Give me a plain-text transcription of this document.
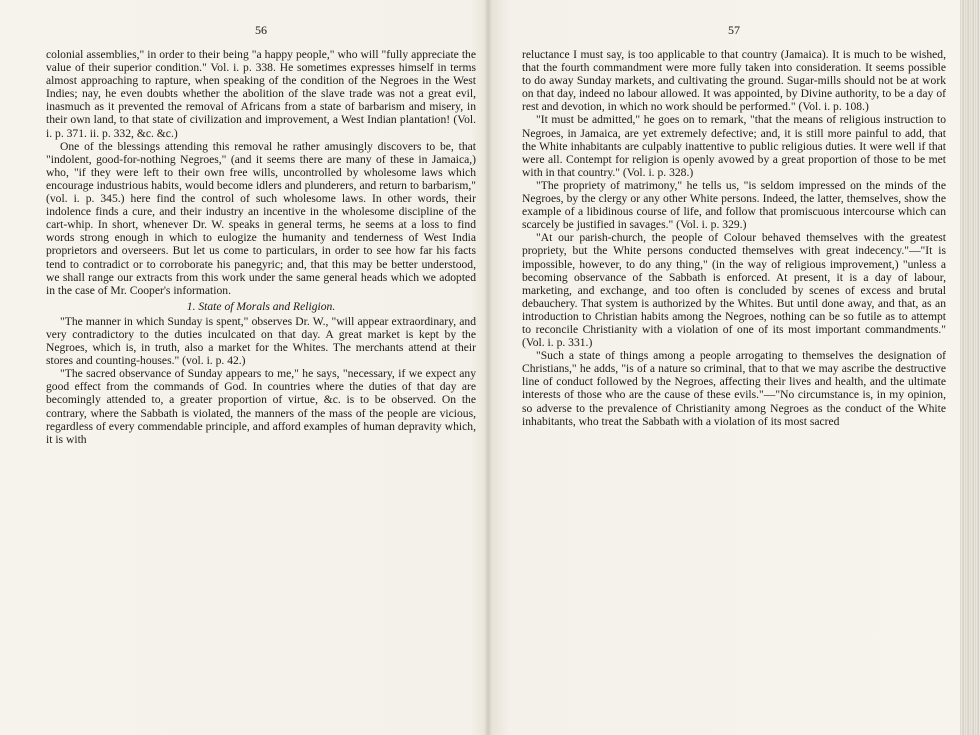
56

colonial assemblies," in order to their being "a happy people," who will "fully appreciate the value of their superior condition." Vol. i. p. 338. He sometimes expresses himself in terms almost approaching to rapture, when speaking of the condition of the Negroes in the West Indies; nay, he even doubts whether the abolition of the slave trade was not a great evil, inasmuch as it prevented the removal of Africans from a state of barbarism and misery, in their own land, to that state of civilization and improvement, a West Indian plantation! (Vol. i. p. 371. ii. p. 332, &c. &c.)

One of the blessings attending this removal he rather amusingly discovers to be, that "indolent, good-for-nothing Negroes," (and it seems there are many of these in Jamaica,) who, "if they were left to their own free wills, uncontrolled by wholesome laws which encourage industrious habits, would become idlers and plunderers, and return to barbarism," (vol. i. p. 345.) here find the control of such wholesome laws. In other words, their indolence finds a cure, and their industry an incentive in the wholesome discipline of the cart-whip. In short, whenever Dr. W. speaks in general terms, he seems at a loss to find words strong enough in which to eulogize the humanity and tenderness of West India proprietors and overseers. But let us come to particulars, in order to see how far his facts tend to contradict or to corroborate his panegyric; and, that this may be better understood, we shall range our extracts from this work under the same general heads which we adopted in the case of Mr. Cooper's information.

1. State of Morals and Religion.

"The manner in which Sunday is spent," observes Dr. W., "will appear extraordinary, and very contradictory to the duties inculcated on that day. A great market is kept by the Negroes, which is, in truth, also a market for the Whites. The merchants attend at their stores and counting-houses." (vol. i. p. 42.)

"The sacred observance of Sunday appears to me," he says, "necessary, if we expect any good effect from the commands of God. In countries where the duties of that day are becomingly attended to, a greater proportion of virtue, &c. is to be observed. On the contrary, where the Sabbath is violated, the manners of the mass of the people are vicious, regardless of every commendable principle, and afford examples of human depravity which, it is with

57

reluctance I must say, is too applicable to that country (Jamaica). It is much to be wished, that the fourth commandment were more fully taken into consideration. It seems possible to do away Sunday markets, and cultivating the ground. Sugar-mills should not be at work on that day, indeed no labour allowed. It was appointed, by Divine authority, to be a day of rest and devotion, in which no work should be performed." (Vol. i. p. 108.)

"It must be admitted," he goes on to remark, "that the means of religious instruction to Negroes, in Jamaica, are yet extremely defective; and, it is still more painful to add, that the White inhabitants are culpably inattentive to public religious duties. It were well if that were all. Contempt for religion is openly avowed by a great proportion of those to be met with in that country." (Vol. i. p. 328.)

"The propriety of matrimony," he tells us, "is seldom impressed on the minds of the Negroes, by the clergy or any other White persons. Indeed, the latter, themselves, show the example of a libidinous course of life, and follow that promiscuous intercourse which can scarcely be justified in savages." (Vol. i. p. 329.)

"At our parish-church, the people of Colour behaved themselves with the greatest propriety, but the White persons conducted themselves with great indecency."—"It is impossible, however, to do any thing," (in the way of religious improvement,) "unless a becoming observance of the Sabbath is enforced. At present, it is a day of labour, marketing, and exchange, and too often is concluded by scenes of excess and brutal debauchery. That system is authorized by the Whites. But until done away, and that, as an introduction to Christian habits among the Negroes, nothing can be so futile as to attempt to reconcile Christianity with a violation of one of its most important commandments." (Vol. i. p. 331.)

"Such a state of things among a people arrogating to themselves the designation of Christians," he adds, "is of a nature so criminal, that to that we may ascribe the destructive line of conduct followed by the Negroes, affecting their lives and health, and the ultimate interests of those who are the cause of these evils."—"No circumstance is, in my opinion, so adverse to the prevalence of Christianity among Negroes as the conduct of the White inhabitants, who treat the Sabbath with a violation of its most sacred
